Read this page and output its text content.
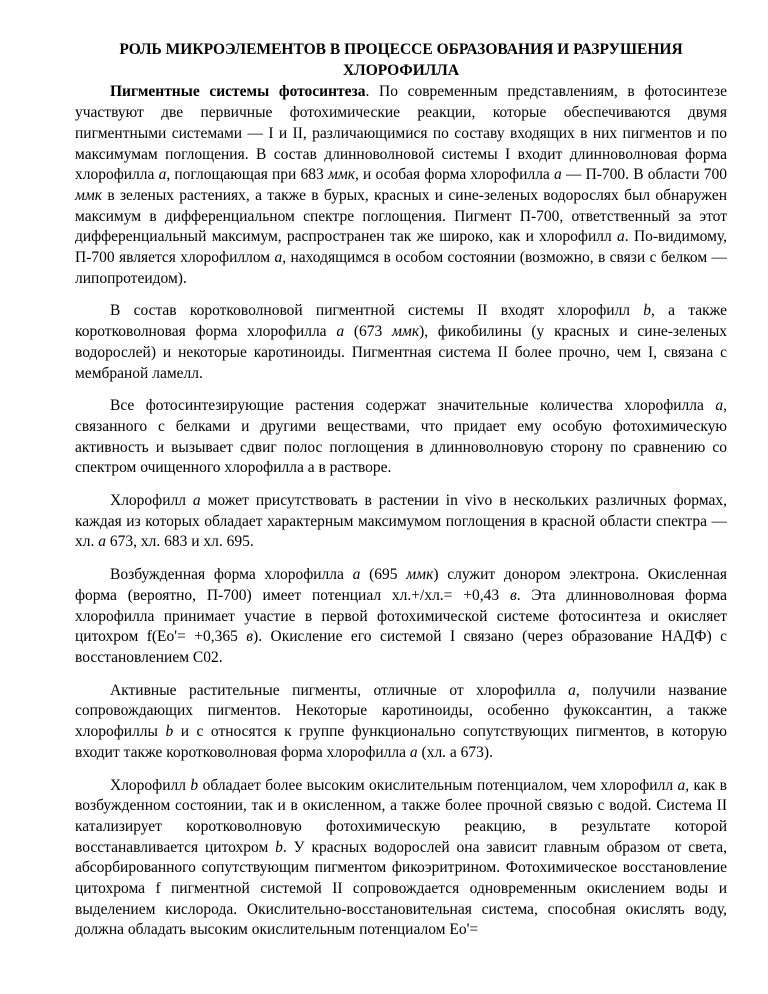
РОЛЬ МИКРОЭЛЕМЕНТОВ В ПРОЦЕССЕ ОБРАЗОВАНИЯ И РАЗРУШЕНИЯ
ХЛОРОФИЛЛА

Пигментные системы фотосинтеза. По современным представлениям, в фотосинтезе участвуют две первичные фотохимические реакции, которые обеспечиваются двумя пигментными системами — I и II, различающимися по составу входящих в них пигментов и по максимумам поглощения. В состав длинноволновой системы I входит длинноволновая форма хлорофилла а, поглощающая при 683 ммк, и особая форма хлорофилла а — П-700. В области 700 ммк в зеленых растениях, а также в бурых, красных и сине-зеленых водорослях был обнаружен максимум в дифференциальном спектре поглощения. Пигмент П-700, ответственный за этот дифференциальный максимум, распространен так же широко, как и хлорофилл а. По-видимому, П-700 является хлорофиллом а, находящимся в особом состоянии (возможно, в связи с белком — липопротеидом).

В состав коротковолновой пигментной системы II входят хлорофилл b, а также коротковолновая форма хлорофилла а (673 ммк), фикобилины (у красных и сине-зеленых водорослей) и некоторые каротиноиды. Пигментная система II более прочно, чем I, связана с мембраной ламелл.

Все фотосинтезирующие растения содержат значительные количества хлорофилла а, связанного с белками и другими веществами, что придает ему особую фотохимическую активность и вызывает сдвиг полос поглощения в длинноволновую сторону по сравнению со спектром очищенного хлорофилла а в растворе.

Хлорофилл а может присутствовать в растении in vivo в нескольких различных формах, каждая из которых обладает характерным максимумом поглощения в красной области спектра — хл. а 673, хл. 683 и хл. 695.

Возбужденная форма хлорофилла а (695 ммк) служит донором электрона. Окисленная форма (вероятно, П-700) имеет потенциал хл.+/хл.= +0,43 в. Эта длинноволновая форма хлорофилла принимает участие в первой фотохимической системе фотосинтеза и окисляет цитохром f(Eo'= +0,365 в). Окисление его системой I связано (через образование НАДФ) с восстановлением С02.

Активные растительные пигменты, отличные от хлорофилла а, получили название сопровождающих пигментов. Некоторые каротиноиды, особенно фукоксантин, а также хлорофиллы b и с относятся к группе функционально сопутствующих пигментов, в которую входит также коротковолновая форма хлорофилла а (хл. а 673).

Хлорофилл b обладает более высоким окислительным потенциалом, чем хлорофилл а, как в возбужденном состоянии, так и в окисленном, а также более прочной связью с водой. Система II катализирует коротковолновую фотохимическую реакцию, в результате которой восстанавливается цитохром b. У красных водорослей она зависит главным образом от света, абсорбированного сопутствующим пигментом фикоэритрином. Фотохимическое восстановление цитохрома f пигментной системой II сопровождается одновременным окислением воды и выделением кислорода. Окислительно-восстановительная система, способная окислять воду, должна обладать высоким окислительным потенциалом Eo'=
